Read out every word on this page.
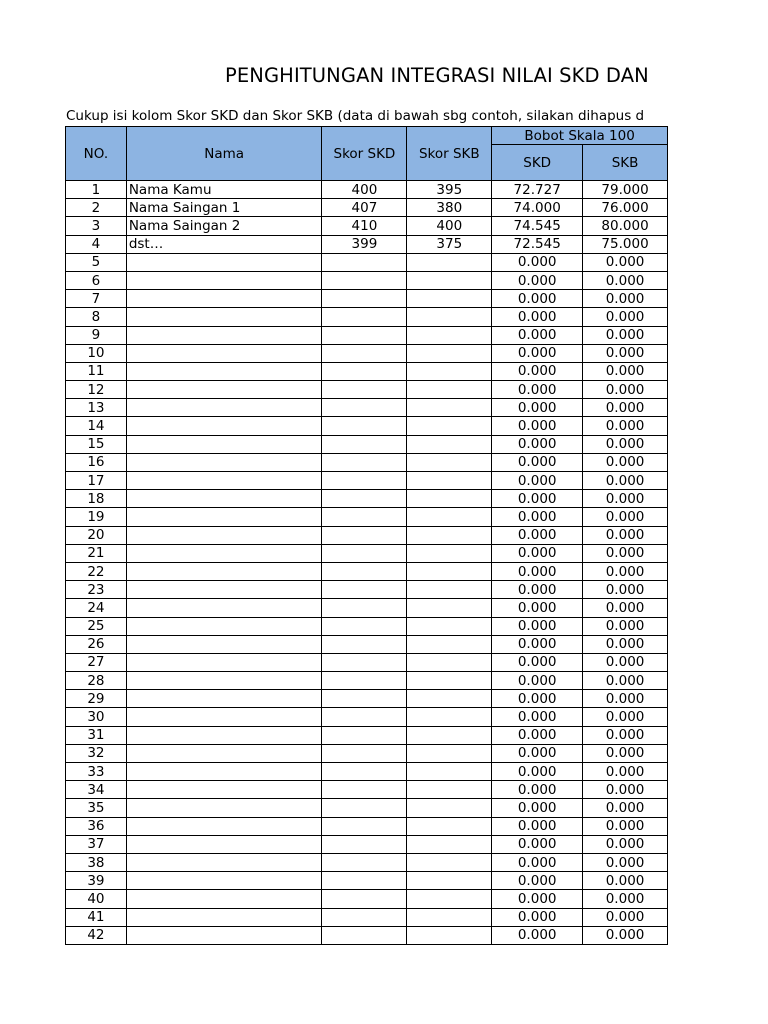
PENGHITUNGAN INTEGRASI NILAI SKD DAN
Cukup isi kolom Skor SKD dan Skor SKB (data di bawah sbg contoh, silakan dihapus d
NO.	Nama	Skor SKD	Skor SKB	Bobot Skala 100	
				SKD	SKB
1	Nama Kamu	400	395	72.727	79.000
2	Nama Saingan 1	407	380	74.000	76.000
3	Nama Saingan 2	410	400	74.545	80.000
4	dst…	399	375	72.545	75.000
5				0.000	0.000
6				0.000	0.000
7				0.000	0.000
8				0.000	0.000
9				0.000	0.000
10				0.000	0.000
11				0.000	0.000
12				0.000	0.000
13				0.000	0.000
14				0.000	0.000
15				0.000	0.000
16				0.000	0.000
17				0.000	0.000
18				0.000	0.000
19				0.000	0.000
20				0.000	0.000
21				0.000	0.000
22				0.000	0.000
23				0.000	0.000
24				0.000	0.000
25				0.000	0.000
26				0.000	0.000
27				0.000	0.000
28				0.000	0.000
29				0.000	0.000
30				0.000	0.000
31				0.000	0.000
32				0.000	0.000
33				0.000	0.000
34				0.000	0.000
35				0.000	0.000
36				0.000	0.000
37				0.000	0.000
38				0.000	0.000
39				0.000	0.000
40				0.000	0.000
41				0.000	0.000
42				0.000	0.000
